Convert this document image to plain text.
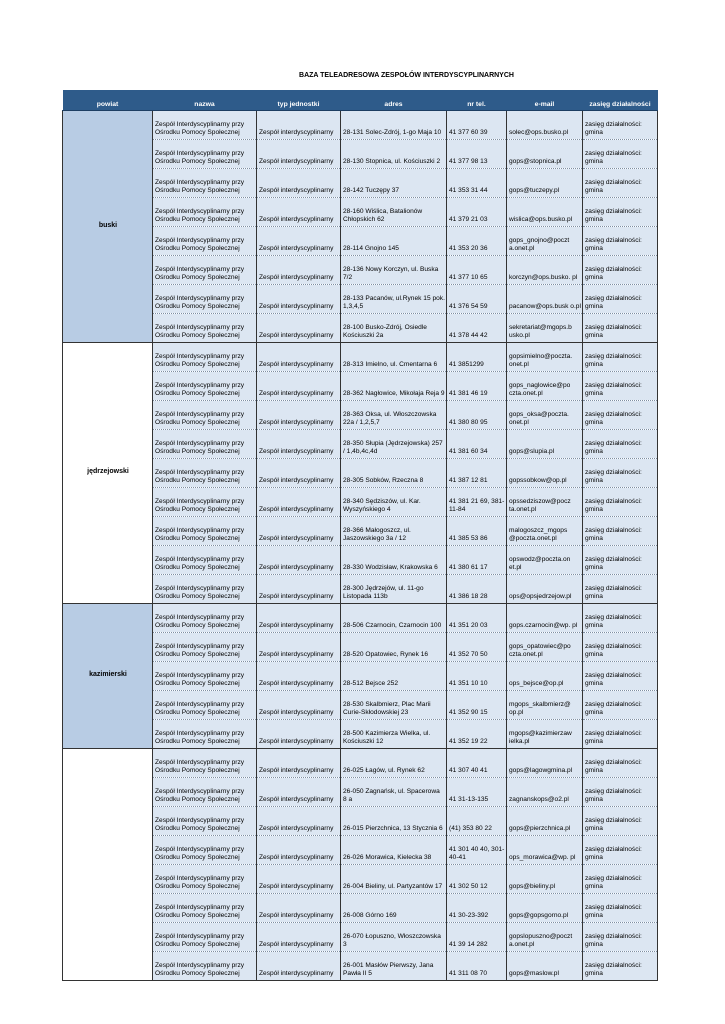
BAZA TELEADRESOWA ZESPOŁÓW INTERDYSCYPLINARNYCH
powiat	nazwa	typ jednostki	adres	nr tel.	e-mail	zasięg działalności
buski	Zespół Interdyscyplinarny przy Ośrodku Pomocy Społecznej	Zespół interdyscyplinarny	28-131 Solec-Zdrój, 1-go Maja 10	41 377 60 39	solec@ops.busko.pl	zasięg działalności: gmina
	Zespół Interdyscyplinarny przy Ośrodku Pomocy Społecznej	Zespół interdyscyplinarny	28-130 Stopnica, ul. Kościuszki 2	41 377 98 13	gops@stopnica.pl	zasięg działalności: gmina
	Zespół Interdyscyplinarny przy Ośrodku Pomocy Społecznej	Zespół interdyscyplinarny	28-142 Tuczępy 37	41 353 31 44	gops@tuczepy.pl	zasięg działalności: gmina
	Zespół Interdyscyplinarny przy Ośrodku Pomocy Społecznej	Zespół interdyscyplinarny	28-160 Wiślica, Batalionów Chłopskich 62	41 379 21 03	wislica@ops.busko.pl	zasięg działalności: gmina
	Zespół Interdyscyplinarny przy Ośrodku Pomocy Społecznej	Zespół interdyscyplinarny	28-114 Gnojno 145	41 353 20 36	gops_gnojno@poczt a.onet.pl	zasięg działalności: gmina
	Zespół Interdyscyplinarny przy Ośrodku Pomocy Społecznej	Zespół interdyscyplinarny	28-136 Nowy Korczyn, ul. Buska 7/2	41 377 10 65	korczyn@ops.busko. pl	zasięg działalności: gmina
	Zespół Interdyscyplinarny przy Ośrodku Pomocy Społecznej	Zespół interdyscyplinarny	28-133 Pacanów, ul.Rynek 15 pok. 1,3,4,5	41 376 54 59	pacanow@ops.busk o.pl	zasięg działalności: gmina
	Zespół Interdyscyplinarny przy Ośrodku Pomocy Społecznej	Zespół interdyscyplinarny	28-100 Busko-Zdrój, Osiedle Kościuszki 2a	41 378 44 42	sekretariat@mgops.b usko.pl	zasięg działalności: gmina
jędrzejowski	Zespół Interdyscyplinarny przy Ośrodku Pomocy Społecznej	Zespół interdyscyplinarny	28-313 Imielno, ul. Cmentarna 6	41 3851299	gopsimielno@poczta. onet.pl	zasięg działalności: gmina
	Zespół Interdyscyplinarny przy Ośrodku Pomocy Społecznej	Zespół interdyscyplinarny	28-362 Nagłowice, Mikołaja Reja 9	41 381 46 19	gops_naglowice@po czta.onet.pl	zasięg działalności: gmina
	Zespół Interdyscyplinarny przy Ośrodku Pomocy Społecznej	Zespół interdyscyplinarny	28-363 Oksa, ul. Włoszczowska 22a / 1,2,5,7	41 380 80 95	gops_oksa@poczta. onet.pl	zasięg działalności: gmina
	Zespół Interdyscyplinarny przy Ośrodku Pomocy Społecznej	Zespół interdyscyplinarny	28-350 Słupia (Jędrzejowska) 257 / 1,4b,4c,4d	41 381 60 34	gops@slupia.pl	zasięg działalności: gmina
	Zespół Interdyscyplinarny przy Ośrodku Pomocy Społecznej	Zespół interdyscyplinarny	28-305 Sobków, Rzeczna 8	41 387 12 81	gopssobkow@op.pl	zasięg działalności: gmina
	Zespół Interdyscyplinarny przy Ośrodku Pomocy Społecznej	Zespół interdyscyplinarny	28-340 Sędziszów, ul. Kar. Wyszyńskiego 4	41 381 21 69, 381-11-84	opssedziszow@pocz ta.onet.pl	zasięg działalności: gmina
	Zespół Interdyscyplinarny przy Ośrodku Pomocy Społecznej	Zespół interdyscyplinarny	28-366 Małogoszcz, ul. Jaszowskiego 3a / 12	41 385 53 86	malogoszcz_mgops @poczta.onet.pl	zasięg działalności: gmina
	Zespół Interdyscyplinarny przy Ośrodku Pomocy Społecznej	Zespół interdyscyplinarny	28-330 Wodzisław, Krakowska 6	41 380 61 17	opswodz@poczta.on et.pl	zasięg działalności: gmina
	Zespół Interdyscyplinarny przy Ośrodku Pomocy Społecznej	Zespół interdyscyplinarny	28-300 Jędrzejów, ul. 11-go Listopada 113b	41 386 18 28	ops@opsjedrzejow.pl	zasięg działalności: gmina
kazimierski	Zespół Interdyscyplinarny przy Ośrodku Pomocy Społecznej	Zespół interdyscyplinarny	28-506 Czarnocin, Czarnocin 100	41 351 20 03	gops.czarnocin@wp. pl	zasięg działalności: gmina
	Zespół Interdyscyplinarny przy Ośrodku Pomocy Społecznej	Zespół interdyscyplinarny	28-520 Opatowiec, Rynek 16	41 352 70 50	gops_opatowiec@po czta.onet.pl	zasięg działalności: gmina
	Zespół Interdyscyplinarny przy Ośrodku Pomocy Społecznej	Zespół interdyscyplinarny	28-512 Bejsce 252	41 351 10 10	ops_bejsce@op.pl	zasięg działalności: gmina
	Zespół Interdyscyplinarny przy Ośrodku Pomocy Społecznej	Zespół interdyscyplinarny	28-530 Skalbmierz, Plac Marii Curie-Skłodowskiej 23	41 352 90 15	mgops_skalbmierz@ op.pl	zasięg działalności: gmina
	Zespół Interdyscyplinarny przy Ośrodku Pomocy Społecznej	Zespół interdyscyplinarny	28-500 Kazimierza Wielka, ul. Kościuszki 12	41 352 19 22	mgops@kazimierzaw ielka.pl	zasięg działalności: gmina
	Zespół Interdyscyplinarny przy Ośrodku Pomocy Społecznej	Zespół interdyscyplinarny	26-025 Łagów, ul. Rynek 62	41 307 40 41	gops@lagowgmina.pl	zasięg działalności: gmina
	Zespół Interdyscyplinarny przy Ośrodku Pomocy Społecznej	Zespół interdyscyplinarny	26-050 Zagnańsk, ul. Spacerowa 8 a	41 31-13-135	zagnanskops@o2.pl	zasięg działalności: gmina
	Zespół Interdyscyplinarny przy Ośrodku Pomocy Społecznej	Zespół interdyscyplinarny	26-015 Pierzchnica, 13 Stycznia 6	(41) 353 80 22	gops@pierzchnica.pl	zasięg działalności: gmina
	Zespół Interdyscyplinarny przy Ośrodku Pomocy Społecznej	Zespół interdyscyplinarny	26-026 Morawica, Kielecka 38	41 301 40 40, 301-40-41	ops_morawica@wp. pl	zasięg działalności: gmina
	Zespół Interdyscyplinarny przy Ośrodku Pomocy Społecznej	Zespół interdyscyplinarny	26-004 Bieliny, ul. Partyzantów 17	41 302 50 12	gops@bieliny.pl	zasięg działalności: gmina
	Zespół Interdyscyplinarny przy Ośrodku Pomocy Społecznej	Zespół interdyscyplinarny	26-008 Górno 169	41 30-23-392	gops@gopsgorno.pl	zasięg działalności: gmina
	Zespół Interdyscyplinarny przy Ośrodku Pomocy Społecznej	Zespół interdyscyplinarny	26-070 Łopuszno, Włoszczowska 3	41 39 14 282	gopslopuszno@poczt a.onet.pl	zasięg działalności: gmina
	Zespół Interdyscyplinarny przy Ośrodku Pomocy Społecznej	Zespół interdyscyplinarny	26-001 Masłów Pierwszy, Jana Pawła II 5	41 311 08 70	gops@maslow.pl	zasięg działalności: gmina
